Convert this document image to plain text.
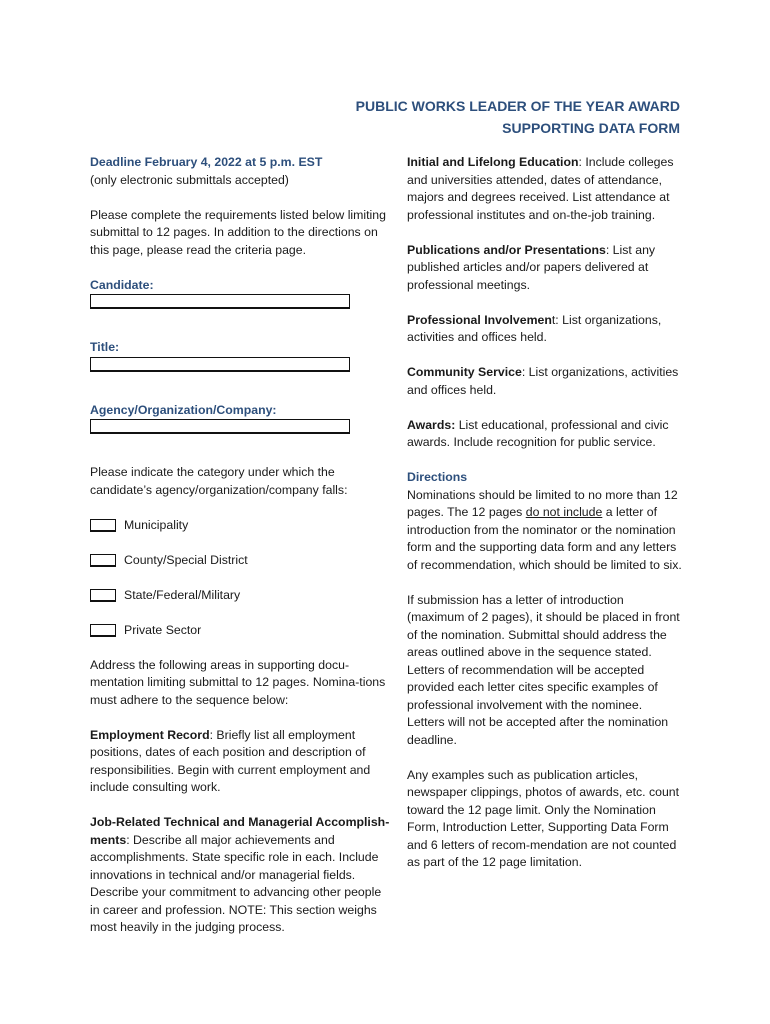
PUBLIC WORKS LEADER OF THE YEAR AWARD
SUPPORTING DATA FORM
Deadline February 4, 2022 at 5 p.m. EST

(only electronic submittals accepted)

Please complete the requirements listed below limiting submittal to 12 pages. In addition to the directions on this page, please read the criteria page.

Candidate:
Title:
Agency/Organization/Company:

Please indicate the category under which the candidate’s agency/organization/company falls:

Municipality
County/Special District
State/Federal/Military
Private Sector

Address the following areas in supporting docu-mentation limiting submittal to 12 pages. Nomina-tions must adhere to the sequence below:

Employment Record: Briefly list all employment positions, dates of each position and description of responsibilities. Begin with current employment and include consulting work.

Job-Related Technical and Managerial Accomplish-ments: Describe all major achievements and accomplishments. State specific role in each. Include innovations in technical and/or managerial fields. Describe your commitment to advancing other people in career and profession. NOTE: This section weighs most heavily in the judging process.

Initial and Lifelong Education: Include colleges and universities attended, dates of attendance, majors and degrees received. List attendance at professional institutes and on-the-job training.

Publications and/or Presentations: List any published articles and/or papers delivered at professional meetings.

Professional Involvement: List organizations, activities and offices held.

Community Service: List organizations, activities and offices held.

Awards: List educational, professional and civic awards. Include recognition for public service.

Directions

Nominations should be limited to no more than 12 pages. The 12 pages do not include a letter of introduction from the nominator or the nomination form and the supporting data form and any letters of recommendation, which should be limited to six.

If submission has a letter of introduction (maximum of 2 pages), it should be placed in front of the nomination. Submittal should address the areas outlined above in the sequence stated. Letters of recommendation will be accepted provided each letter cites specific examples of professional involvement with the nominee. Letters will not be accepted after the nomination deadline.

Any examples such as publication articles, newspaper clippings, photos of awards, etc. count toward the 12 page limit. Only the Nomination Form, Introduction Letter, Supporting Data Form and 6 letters of recom-mendation are not counted as part of the 12 page limitation.
